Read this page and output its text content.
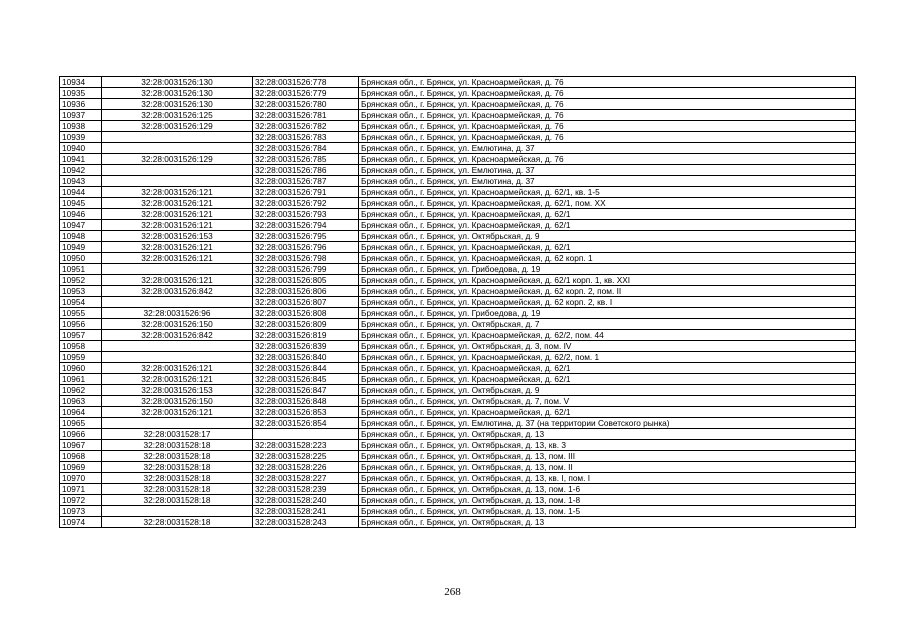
10934	32:28:0031526:130	32:28:0031526:778	Брянская обл., г. Брянск, ул. Красноармейская, д. 76
10935	32:28:0031526:130	32:28:0031526:779	Брянская обл., г. Брянск, ул. Красноармейская, д. 76
10936	32:28:0031526:130	32:28:0031526:780	Брянская обл., г. Брянск, ул. Красноармейская, д. 76
10937	32:28:0031526:125	32:28:0031526:781	Брянская обл., г. Брянск, ул. Красноармейская, д. 76
10938	32:28:0031526:129	32:28:0031526:782	Брянская обл., г. Брянск, ул. Красноармейская, д. 76
10939		32:28:0031526:783	Брянская обл., г. Брянск, ул. Красноармейская, д. 76
10940		32:28:0031526:784	Брянская обл., г. Брянск, ул. Емлютина, д. 37
10941	32:28:0031526:129	32:28:0031526:785	Брянская обл., г. Брянск, ул. Красноармейская, д. 76
10942		32:28:0031526:786	Брянская обл., г. Брянск, ул. Емлютина, д. 37
10943		32:28:0031526:787	Брянская обл., г. Брянск, ул. Емлютина, д. 37
10944	32:28:0031526:121	32:28:0031526:791	Брянская обл., г. Брянск, ул. Красноармейская, д. 62/1, кв. 1-5
10945	32:28:0031526:121	32:28:0031526:792	Брянская обл., г. Брянск, ул. Красноармейская, д. 62/1, пом. XX
10946	32:28:0031526:121	32:28:0031526:793	Брянская обл., г. Брянск, ул. Красноармейская, д. 62/1
10947	32:28:0031526:121	32:28:0031526:794	Брянская обл., г. Брянск, ул. Красноармейская, д. 62/1
10948	32:28:0031526:153	32:28:0031526:795	Брянская обл., г. Брянск, ул. Октябрьская, д. 9
10949	32:28:0031526:121	32:28:0031526:796	Брянская обл., г. Брянск, ул. Красноармейская, д. 62/1
10950	32:28:0031526:121	32:28:0031526:798	Брянская обл., г. Брянск, ул. Красноармейская, д. 62 корп. 1
10951		32:28:0031526:799	Брянская обл., г. Брянск, ул. Грибоедова, д. 19
10952	32:28:0031526:121	32:28:0031526:805	Брянская обл., г. Брянск, ул. Красноармейская, д. 62/1 корп. 1, кв. XXI
10953	32:28:0031526:842	32:28:0031526:806	Брянская обл., г. Брянск, ул. Красноармейская, д. 62 корп. 2, пом. II
10954		32:28:0031526:807	Брянская обл., г. Брянск, ул. Красноармейская, д. 62 корп. 2, кв. I
10955	32:28:0031526:96	32:28:0031526:808	Брянская обл., г. Брянск, ул. Грибоедова, д. 19
10956	32:28:0031526:150	32:28:0031526:809	Брянская обл., г. Брянск, ул. Октябрьская, д. 7
10957	32:28:0031526:842	32:28:0031526:819	Брянская обл., г. Брянск, ул. Красноармейская, д. 62/2, пом. 44
10958		32:28:0031526:839	Брянская обл., г. Брянск, ул. Октябрьская, д. 3, пом. IV
10959		32:28:0031526:840	Брянская обл., г. Брянск, ул. Красноармейская, д. 62/2, пом. 1
10960	32:28:0031526:121	32:28:0031526:844	Брянская обл., г. Брянск, ул. Красноармейская, д. 62/1
10961	32:28:0031526:121	32:28:0031526:845	Брянская обл., г. Брянск, ул. Красноармейская, д. 62/1
10962	32:28:0031526:153	32:28:0031526:847	Брянская обл., г. Брянск, ул. Октябрьская, д. 9
10963	32:28:0031526:150	32:28:0031526:848	Брянская обл., г. Брянск, ул. Октябрьская, д. 7, пом. V
10964	32:28:0031526:121	32:28:0031526:853	Брянская обл., г. Брянск, ул. Красноармейская, д. 62/1
10965		32:28:0031526:854	Брянская обл., г. Брянск, ул. Емлютина, д. 37 (на территории Советского рынка)
10966	32:28:0031528:17		Брянская обл., г. Брянск, ул. Октябрьская, д. 13
10967	32:28:0031528:18	32:28:0031528:223	Брянская обл., г. Брянск, ул. Октябрьская, д. 13, кв. 3
10968	32:28:0031528:18	32:28:0031528:225	Брянская обл., г. Брянск, ул. Октябрьская, д. 13, пом. III
10969	32:28:0031528:18	32:28:0031528:226	Брянская обл., г. Брянск, ул. Октябрьская, д. 13, пом. II
10970	32:28:0031528:18	32:28:0031528:227	Брянская обл., г. Брянск, ул. Октябрьская, д. 13, кв. I, пом. I
10971	32:28:0031528:18	32:28:0031528:239	Брянская обл., г. Брянск, ул. Октябрьская, д. 13, пом. 1-6
10972	32:28:0031528:18	32:28:0031528:240	Брянская обл., г. Брянск, ул. Октябрьская, д. 13, пом. 1-8
10973		32:28:0031528:241	Брянская обл., г. Брянск, ул. Октябрьская, д. 13, пом. 1-5
10974	32:28:0031528:18	32:28:0031528:243	Брянская обл., г. Брянск, ул. Октябрьская, д. 13
268
